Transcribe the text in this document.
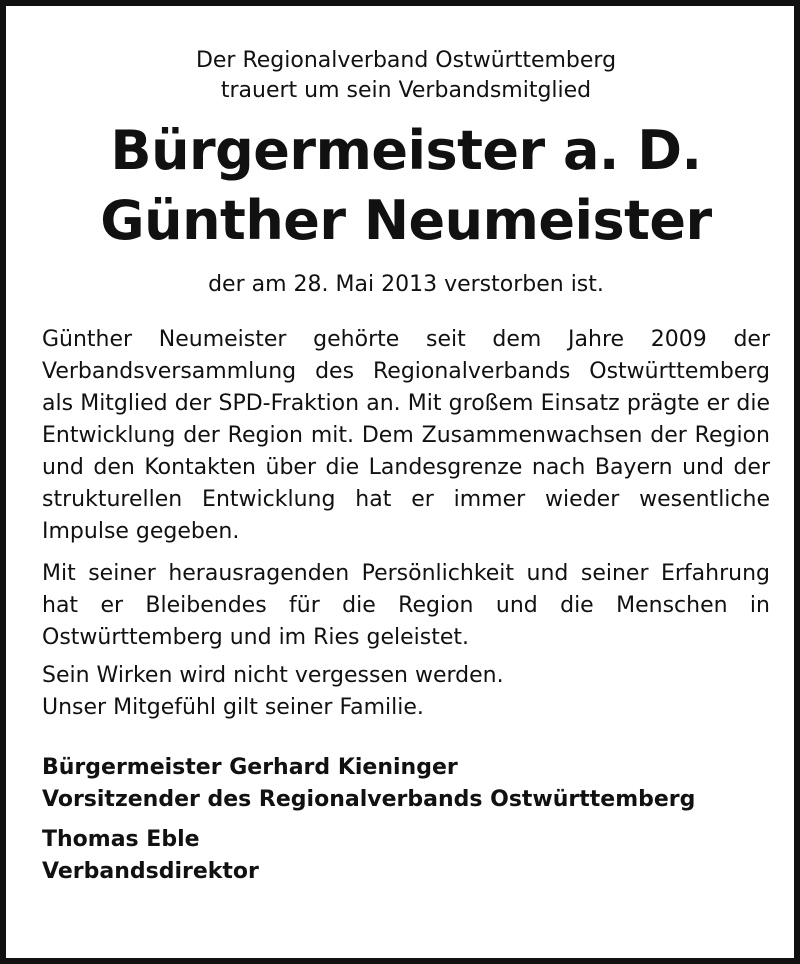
Der Regionalverband Ostwürttemberg
trauert um sein Verbandsmitglied
Bürgermeister a. D.
Günther Neumeister
der am 28. Mai 2013 verstorben ist.
Günther Neumeister gehörte seit dem Jahre 2009 der Verbandsversammlung des Regionalverbands Ostwürttemberg als Mitglied der SPD-Fraktion an. Mit großem Einsatz prägte er die Entwicklung der Region mit. Dem Zusammenwachsen der Region und den Kontakten über die Landesgrenze nach Bayern und der strukturellen Entwicklung hat er immer wieder wesentliche Impulse gegeben.
Mit seiner herausragenden Persönlichkeit und seiner Erfahrung hat er Bleibendes für die Region und die Menschen in Ostwürttemberg und im Ries geleistet.
Sein Wirken wird nicht vergessen werden.
Unser Mitgefühl gilt seiner Familie.
Bürgermeister Gerhard Kieninger
Vorsitzender des Regionalverbands Ostwürttemberg
Thomas Eble
Verbandsdirektor
